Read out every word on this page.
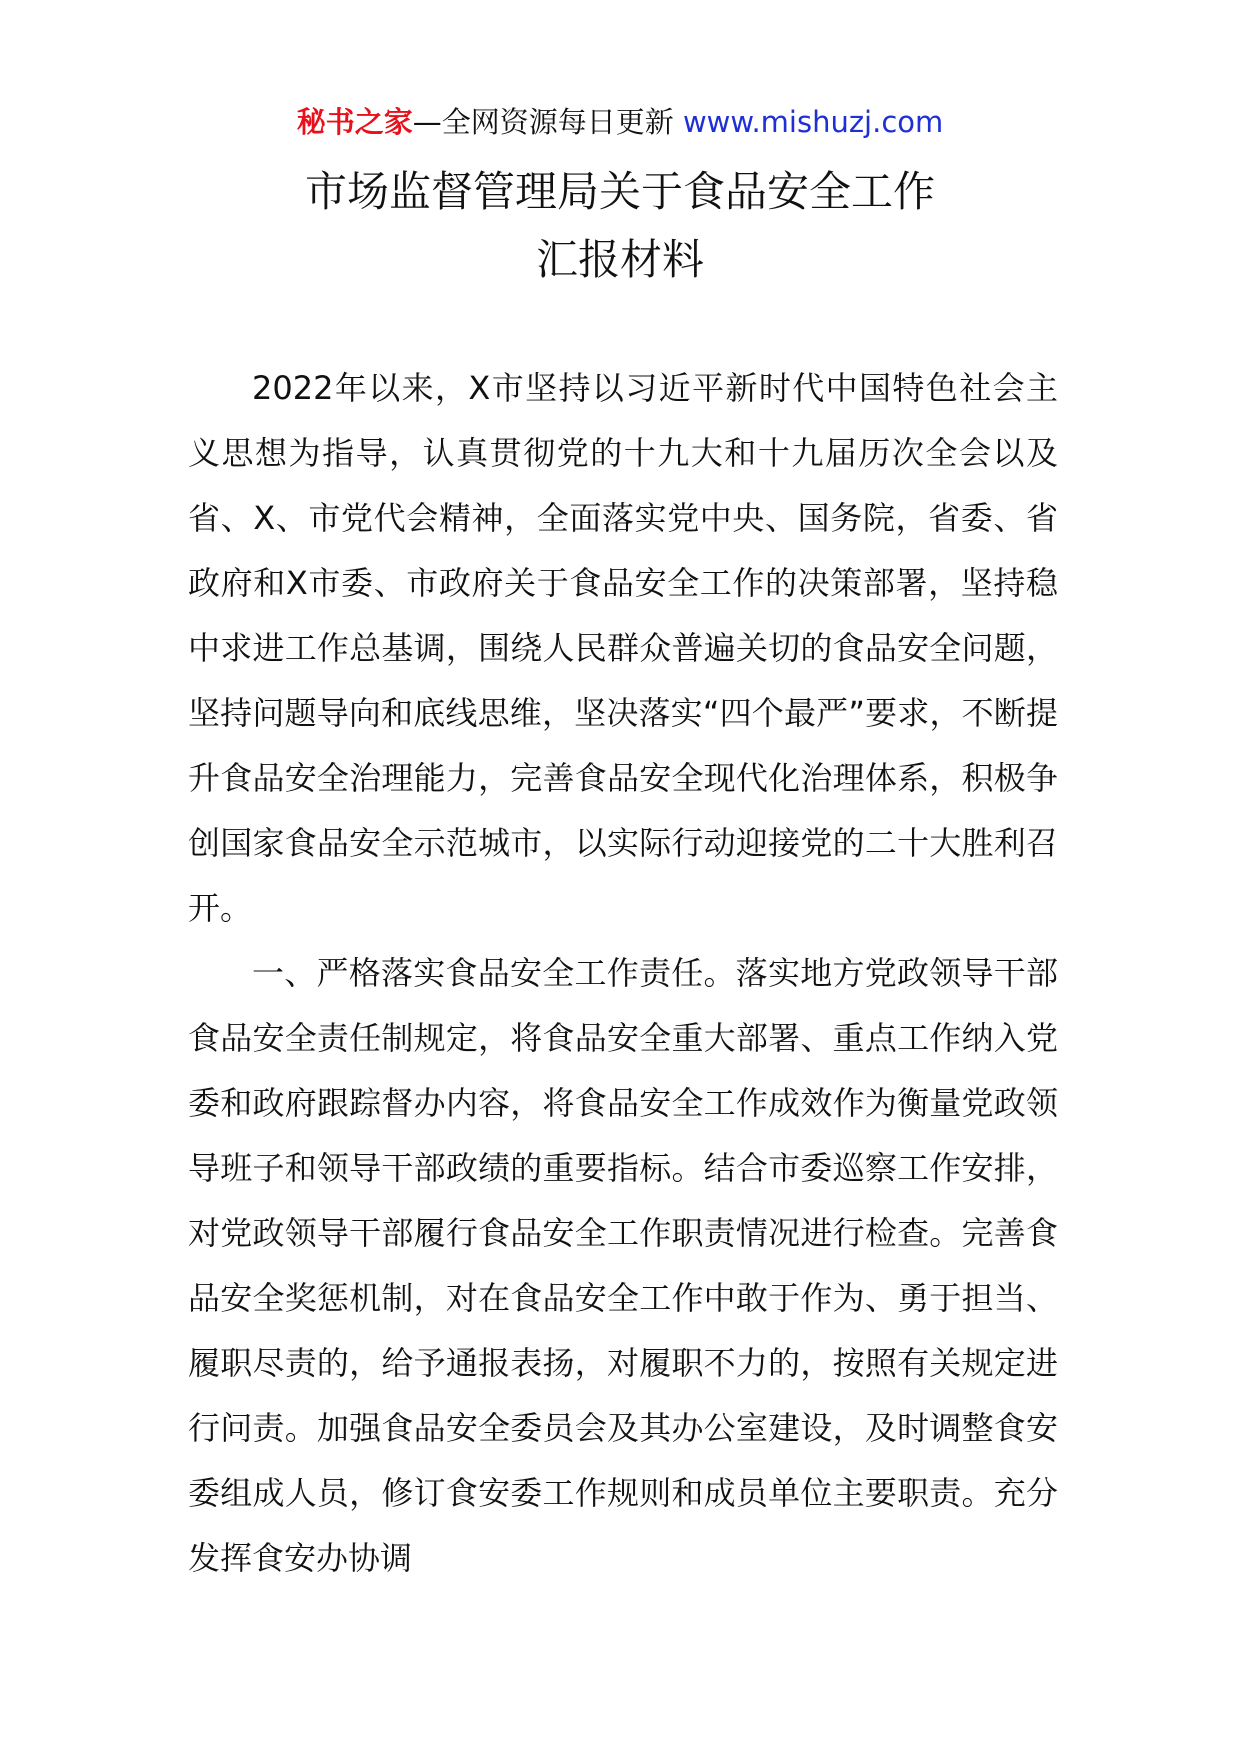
秘书之家—全网资源每日更新 www.mishuzj.com
市场监督管理局关于食品安全工作
汇报材料

2022年以来，X市坚持以习近平新时代中国特色社会主义思想为指导，认真贯彻党的十九大和十九届历次全会以及省、X、市党代会精神，全面落实党中央、国务院，省委、省政府和X市委、市政府关于食品安全工作的决策部署，坚持稳中求进工作总基调，围绕人民群众普遍关切的食品安全问题，坚持问题导向和底线思维，坚决落实“四个最严”要求，不断提升食品安全治理能力，完善食品安全现代化治理体系，积极争创国家食品安全示范城市，以实际行动迎接党的二十大胜利召开。

一、严格落实食品安全工作责任。落实地方党政领导干部食品安全责任制规定，将食品安全重大部署、重点工作纳入党委和政府跟踪督办内容，将食品安全工作成效作为衡量党政领导班子和领导干部政绩的重要指标。结合市委巡察工作安排，对党政领导干部履行食品安全工作职责情况进行检查。完善食品安全奖惩机制，对在食品安全工作中敢于作为、勇于担当、履职尽责的，给予通报表扬，对履职不力的，按照有关规定进行问责。加强食品安全委员会及其办公室建设，及时调整食安委组成人员，修订食安委工作规则和成员单位主要职责。充分发挥食安办协调
